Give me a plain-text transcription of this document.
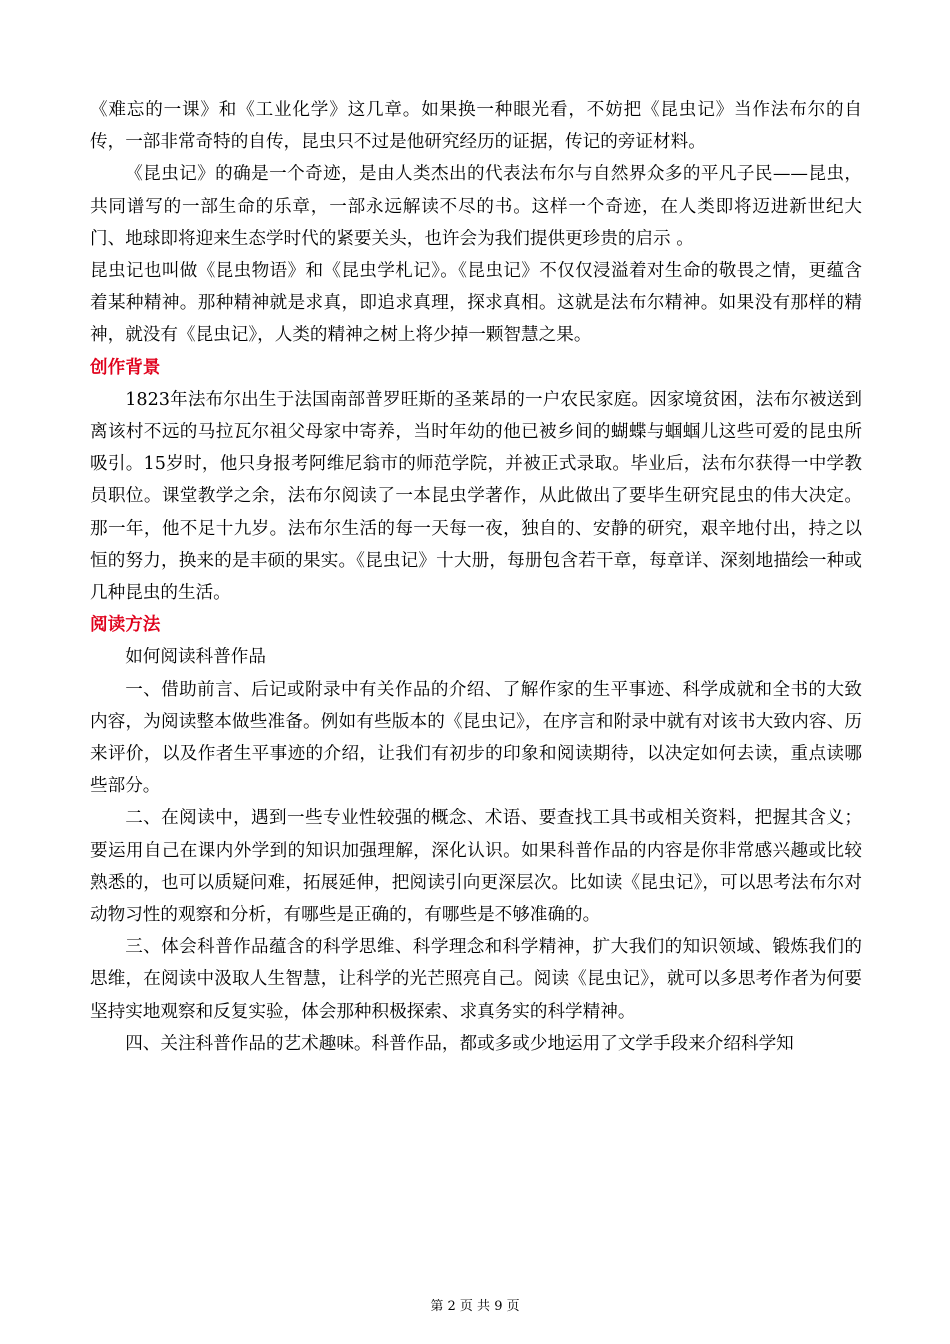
《难忘的一课》和《工业化学》这几章。如果换一种眼光看，不妨把《昆虫记》当作法布尔的自传，一部非常奇特的自传，昆虫只不过是他研究经历的证据，传记的旁证材料。

《昆虫记》的确是一个奇迹，是由人类杰出的代表法布尔与自然界众多的平凡子民——昆虫，共同谱写的一部生命的乐章，一部永远解读不尽的书。这样一个奇迹，在人类即将迈进新世纪大门、地球即将迎来生态学时代的紧要关头，也许会为我们提供更珍贵的启示 。

昆虫记也叫做《昆虫物语》和《昆虫学札记》。《昆虫记》不仅仅浸溢着对生命的敬畏之情，更蕴含着某种精神。那种精神就是求真，即追求真理，探求真相。这就是法布尔精神。如果没有那样的精神，就没有《昆虫记》，人类的精神之树上将少掉一颗智慧之果。

创作背景

1823年法布尔出生于法国南部普罗旺斯的圣莱昂的一户农民家庭。因家境贫困，法布尔被送到离该村不远的马拉瓦尔祖父母家中寄养，当时年幼的他已被乡间的蝴蝶与蝈蝈儿这些可爱的昆虫所吸引。15岁时，他只身报考阿维尼翁市的师范学院，并被正式录取。毕业后，法布尔获得一中学教员职位。课堂教学之余，法布尔阅读了一本昆虫学著作，从此做出了要毕生研究昆虫的伟大决定。那一年，他不足十九岁。法布尔生活的每一天每一夜，独自的、安静的研究，艰辛地付出，持之以恒的努力，换来的是丰硕的果实。《昆虫记》十大册，每册包含若干章，每章详、深刻地描绘一种或几种昆虫的生活。

阅读方法

如何阅读科普作品

一、借助前言、后记或附录中有关作品的介绍、了解作家的生平事迹、科学成就和全书的大致内容，为阅读整本做些准备。例如有些版本的《昆虫记》，在序言和附录中就有对该书大致内容、历来评价，以及作者生平事迹的介绍，让我们有初步的印象和阅读期待，以决定如何去读，重点读哪些部分。

二、在阅读中，遇到一些专业性较强的概念、术语、要查找工具书或相关资料，把握其含义；要运用自己在课内外学到的知识加强理解，深化认识。如果科普作品的内容是你非常感兴趣或比较熟悉的，也可以质疑问难，拓展延伸，把阅读引向更深层次。比如读《昆虫记》，可以思考法布尔对动物习性的观察和分析，有哪些是正确的，有哪些是不够准确的。

三、体会科普作品蕴含的科学思维、科学理念和科学精神，扩大我们的知识领域、锻炼我们的思维，在阅读中汲取人生智慧，让科学的光芒照亮自己。阅读《昆虫记》，就可以多思考作者为何要坚持实地观察和反复实验，体会那种积极探索、求真务实的科学精神。

四、关注科普作品的艺术趣味。科普作品，都或多或少地运用了文学手段来介绍科学知

第 2 页 共 9 页
